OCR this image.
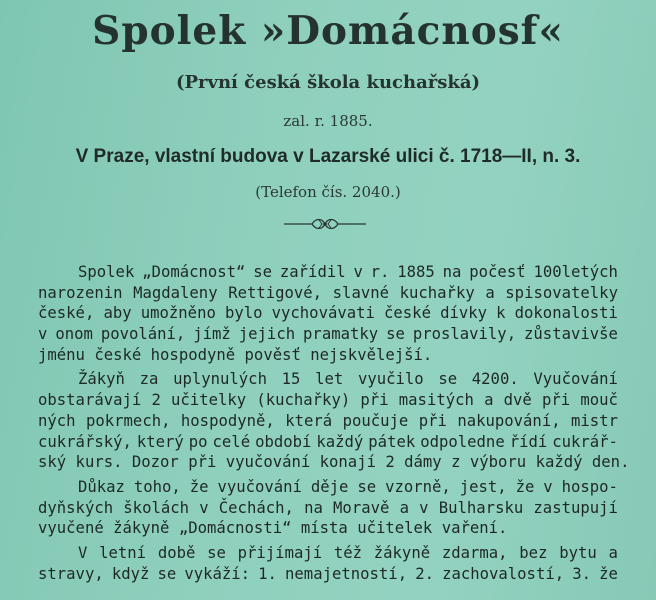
Spolek »Domácnosf«
(První česká škola kuchařská)
zal. r. 1885.
V Praze, vlastní budova v Lazarské ulici č. 1718—II, n. 3.
(Telefon čís. 2040.)
Spolek „Domácnost“ se zařídil v r. 1885 na počesť 100letých
narozenin Magdaleny Rettigové, slavné kuchařky a spisovatelky
české, aby umožněno bylo vychovávati české dívky k dokonalosti
v onom povolání, jímž jejich pramatky se proslavily, zůstavivše
jménu české hospodyně pověsť nejskvělejší.
Žákyň za uplynulých 15 let vyučilo se 4200. Vyučování
obstarávají 2 učitelky (kuchařky) při masitých a dvě při mouč
ných pokrmech, hospodyně, která poučuje při nakupování, mistr
cukrářský, který po celé období každý pátek odpoledne řídí cukrář-
ský kurs. Dozor při vyučování konají 2 dámy z výboru každý den.
Důkaz toho, že vyučování děje se vzorně, jest, že v hospo-
dyňských školách v Čechách, na Moravě a v Bulharsku zastupují
vyučené žákyně „Domácnosti“ místa učitelek vaření.
V letní době se přijímají též žákyně zdarma, bez bytu a
stravy, když se vykáží: 1. nemajetností, 2. zachovalostí, 3. že
